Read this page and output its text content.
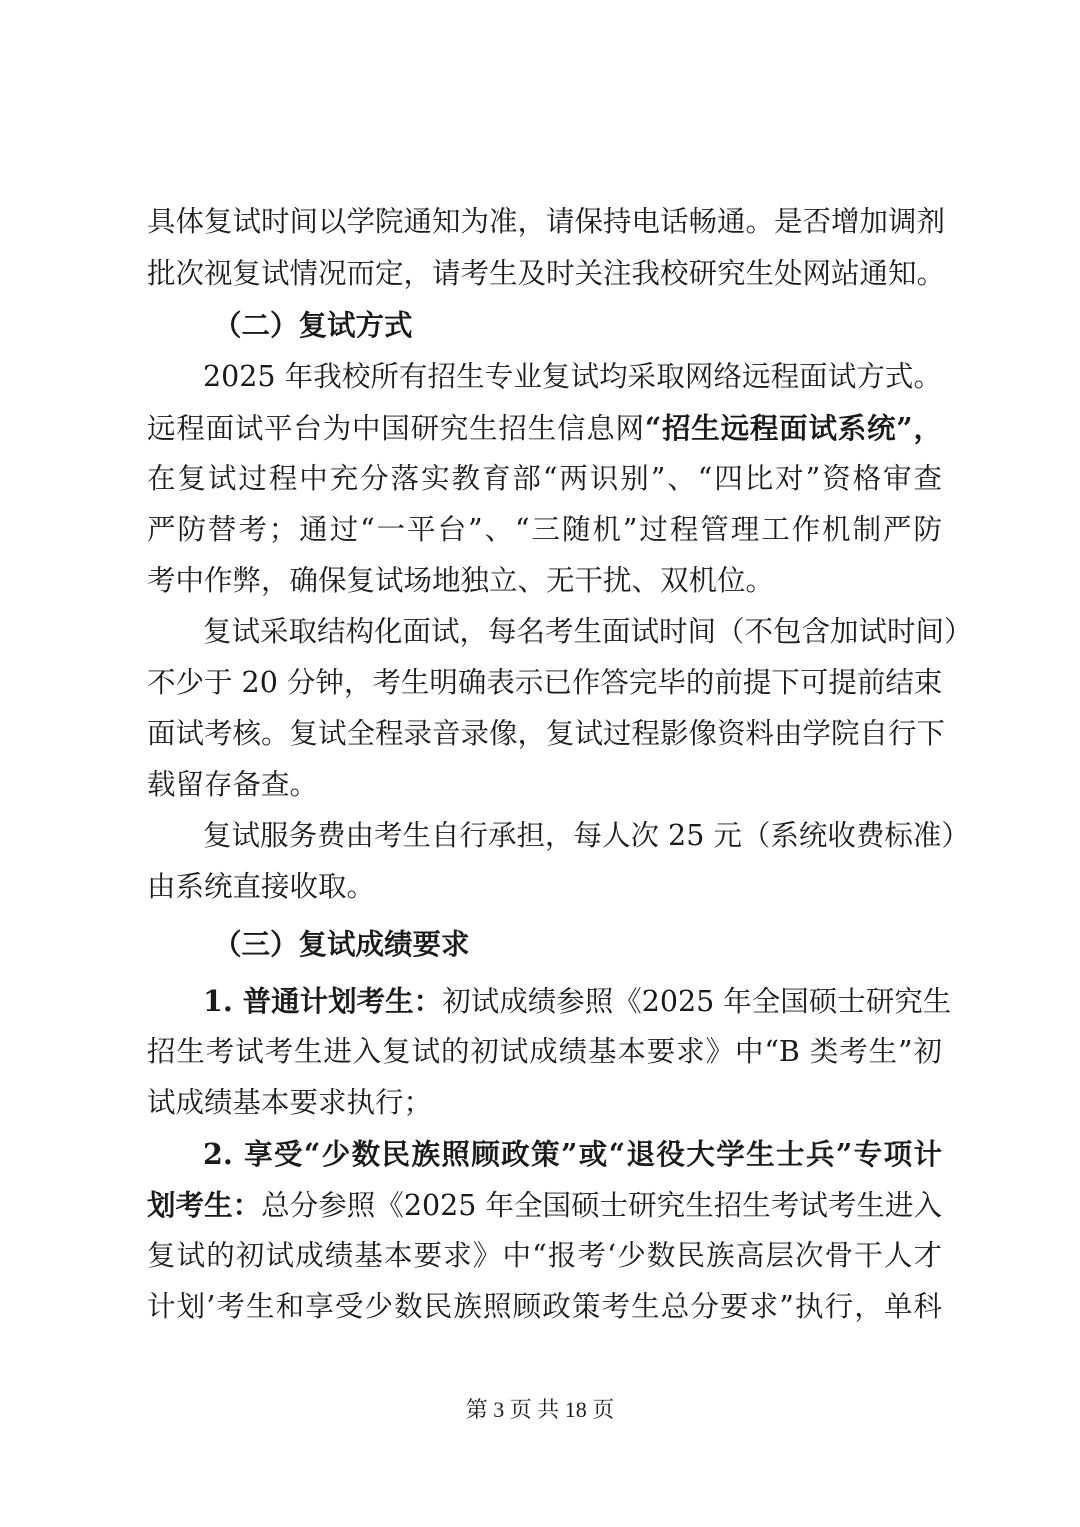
具体复试时间以学院通知为准，请保持电话畅通。是否增加调剂
批次视复试情况而定，请考生及时关注我校研究生处网站通知。
（二）复试方式
2025 年我校所有招生专业复试均采取网络远程面试方式。
远程面试平台为中国研究生招生信息网“招生远程面试系统”，
在复试过程中充分落实教育部“两识别”、“四比对”资格审查
严防替考；通过“一平台”、“三随机”过程管理工作机制严防
考中作弊，确保复试场地独立、无干扰、双机位。
复试采取结构化面试，每名考生面试时间（不包含加试时间）
不少于 20 分钟，考生明确表示已作答完毕的前提下可提前结束
面试考核。复试全程录音录像，复试过程影像资料由学院自行下
载留存备查。
复试服务费由考生自行承担，每人次 25 元（系统收费标准）
由系统直接收取。
（三）复试成绩要求
1. 普通计划考生：初试成绩参照《2025 年全国硕士研究生
招生考试考生进入复试的初试成绩基本要求》中“B 类考生”初
试成绩基本要求执行；
2. 享受“少数民族照顾政策”或“退役大学生士兵”专项计
划考生：总分参照《2025 年全国硕士研究生招生考试考生进入
复试的初试成绩基本要求》中“报考‘少数民族高层次骨干人才
计划’考生和享受少数民族照顾政策考生总分要求”执行，单科
第 3 页 共 18 页
